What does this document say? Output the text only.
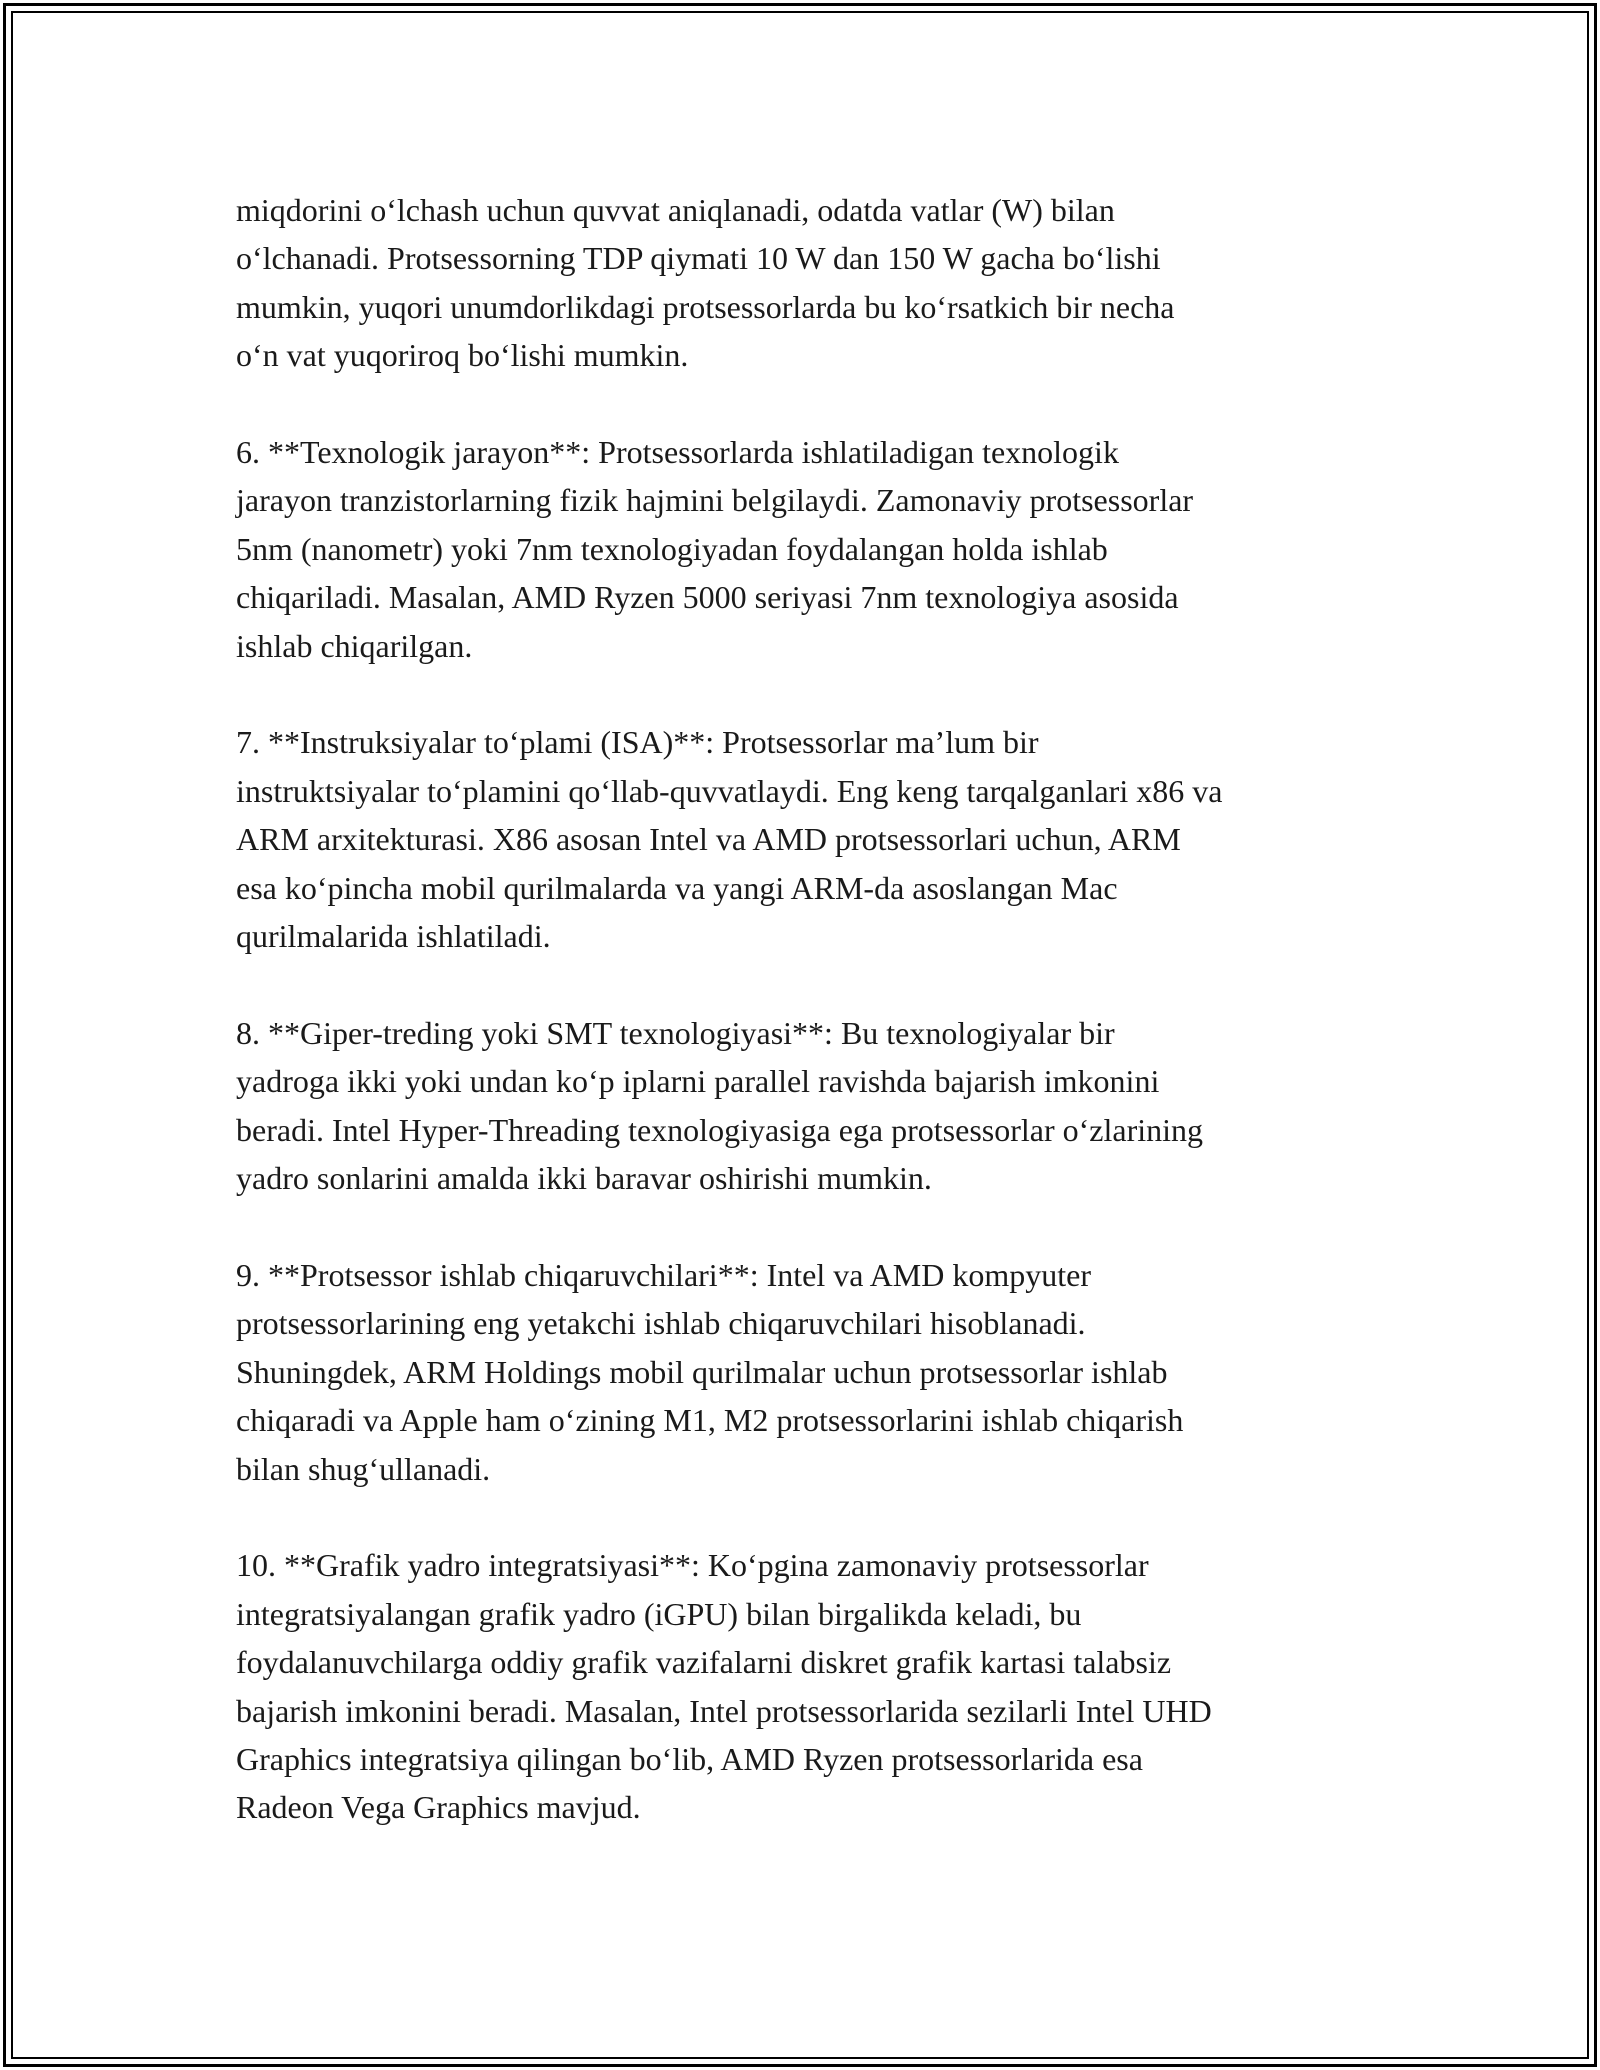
miqdorini oʻlchash uchun quvvat aniqlanadi, odatda vatlar (W) bilan
oʻlchanadi. Protsessorning TDP qiymati 10 W dan 150 W gacha boʻlishi
mumkin, yuqori unumdorlikdagi protsessorlarda bu koʻrsatkich bir necha
oʻn vat yuqoriroq boʻlishi mumkin.

6. **Texnologik jarayon**: Protsessorlarda ishlatiladigan texnologik
jarayon tranzistorlarning fizik hajmini belgilaydi. Zamonaviy protsessorlar
5nm (nanometr) yoki 7nm texnologiyadan foydalangan holda ishlab
chiqariladi. Masalan, AMD Ryzen 5000 seriyasi 7nm texnologiya asosida
ishlab chiqarilgan.

7. **Instruksiyalar toʻplami (ISA)**: Protsessorlar maʼlum bir
instruktsiyalar toʻplamini qoʻllab-quvvatlaydi. Eng keng tarqalganlari x86 va
ARM arxitekturasi. X86 asosan Intel va AMD protsessorlari uchun, ARM
esa koʻpincha mobil qurilmalarda va yangi ARM-da asoslangan Mac
qurilmalarida ishlatiladi.

8. **Giper-treding yoki SMT texnologiyasi**: Bu texnologiyalar bir
yadroga ikki yoki undan koʻp iplarni parallel ravishda bajarish imkonini
beradi. Intel Hyper-Threading texnologiyasiga ega protsessorlar oʻzlarining
yadro sonlarini amalda ikki baravar oshirishi mumkin.

9. **Protsessor ishlab chiqaruvchilari**: Intel va AMD kompyuter
protsessorlarining eng yetakchi ishlab chiqaruvchilari hisoblanadi.
Shuningdek, ARM Holdings mobil qurilmalar uchun protsessorlar ishlab
chiqaradi va Apple ham oʻzining M1, M2 protsessorlarini ishlab chiqarish
bilan shugʻullanadi.

10. **Grafik yadro integratsiyasi**: Koʻpgina zamonaviy protsessorlar
integratsiyalangan grafik yadro (iGPU) bilan birgalikda keladi, bu
foydalanuvchilarga oddiy grafik vazifalarni diskret grafik kartasi talabsiz
bajarish imkonini beradi. Masalan, Intel protsessorlarida sezilarli Intel UHD
Graphics integratsiya qilingan boʻlib, AMD Ryzen protsessorlarida esa
Radeon Vega Graphics mavjud.
